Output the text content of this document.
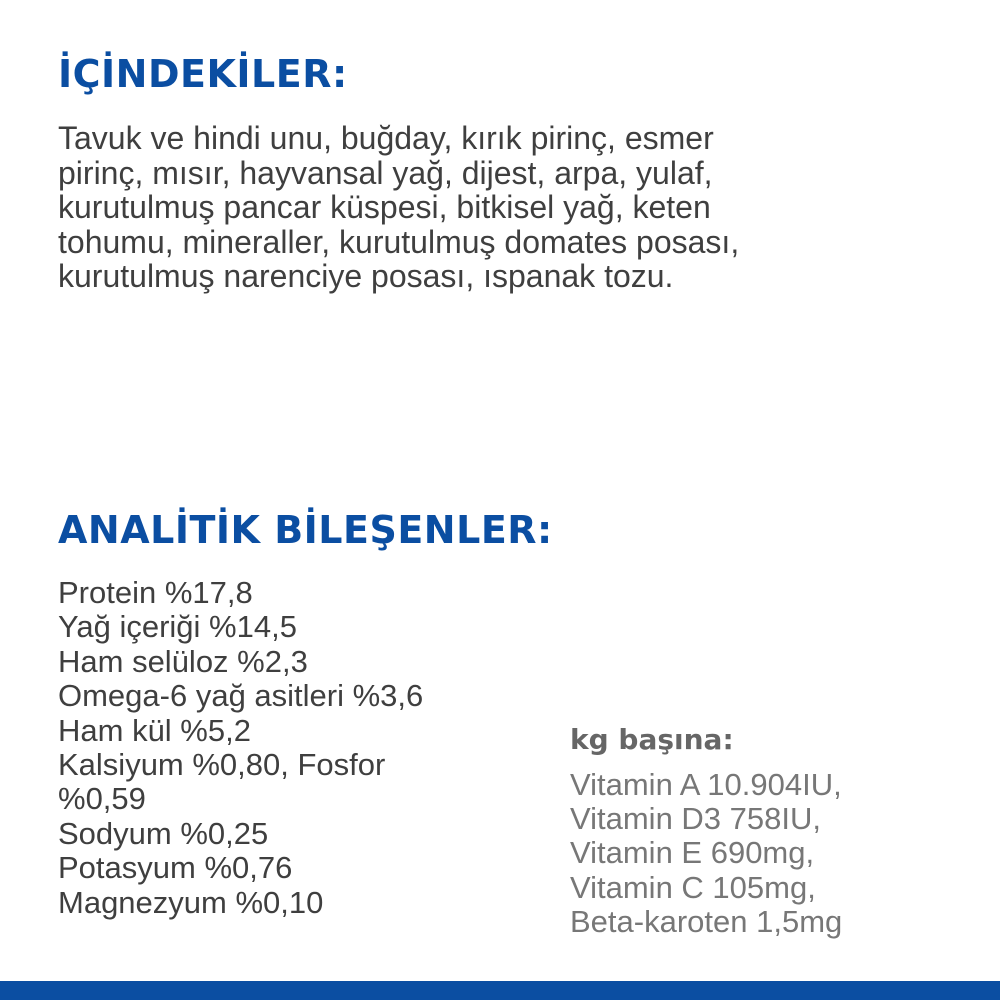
İÇİNDEKİLER:

Tavuk ve hindi unu, buğday, kırık pirinç, esmer
pirinç, mısır, hayvansal yağ, dijest, arpa, yulaf,
kurutulmuş pancar küspesi, bitkisel yağ, keten
tohumu, mineraller, kurutulmuş domates posası,
kurutulmuş narenciye posası, ıspanak tozu.

ANALİTİK BİLEŞENLER:
Protein %17,8
Yağ içeriği %14,5
Ham selüloz %2,3
Omega-6 yağ asitleri %3,6
Ham kül %5,2
Kalsiyum %0,80, Fosfor
%0,59
Sodyum %0,25
Potasyum %0,76
Magnezyum %0,10
kg başına:
Vitamin A 10.904IU,
Vitamin D3 758IU,
Vitamin E 690mg,
Vitamin C 105mg,
Beta-karoten 1,5mg
